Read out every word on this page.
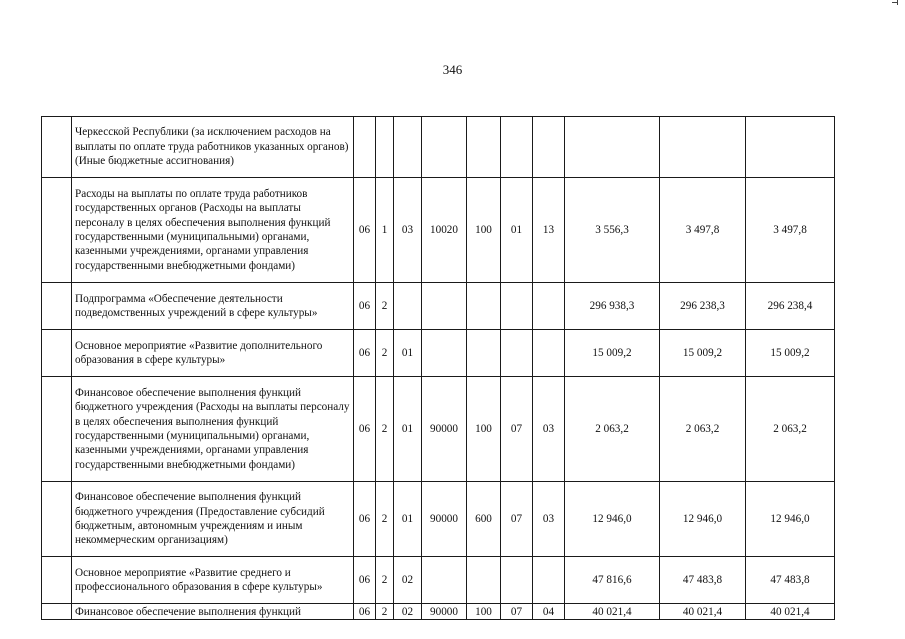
346
	Черкесской Республики (за исключением расходов на выплаты по оплате труда работников указанных органов) (Иные бюджетные ассигнования)										
	Расходы на выплаты по оплате труда работников государственных органов (Расходы на выплаты персоналу в целях обеспечения выполнения функций государственными (муниципальными) органами, казенными учреждениями, органами управления государственными внебюджетными фондами)	06	1	03	10020	100	01	13	3 556,3	3 497,8	3 497,8
	Подпрограмма «Обеспечение деятельности подведомственных учреждений в сфере культуры»	06	2						296 938,3	296 238,3	296 238,4
	Основное мероприятие «Развитие дополнительного образования в сфере культуры»	06	2	01					15 009,2	15 009,2	15 009,2
	Финансовое обеспечение выполнения функций бюджетного учреждения (Расходы на выплаты персоналу в целях обеспечения выполнения функций государственными (муниципальными) органами, казенными учреждениями, органами управления государственными внебюджетными фондами)	06	2	01	90000	100	07	03	2 063,2	2 063,2	2 063,2
	Финансовое обеспечение выполнения функций бюджетного учреждения (Предоставление субсидий бюджетным, автономным учреждениям и иным некоммерческим организациям)	06	2	01	90000	600	07	03	12 946,0	12 946,0	12 946,0
	Основное мероприятие «Развитие среднего и профессионального образования в сфере культуры»	06	2	02					47 816,6	47 483,8	47 483,8
	Финансовое обеспечение выполнения функций	06	2	02	90000	100	07	04	40 021,4	40 021,4	40 021,4
